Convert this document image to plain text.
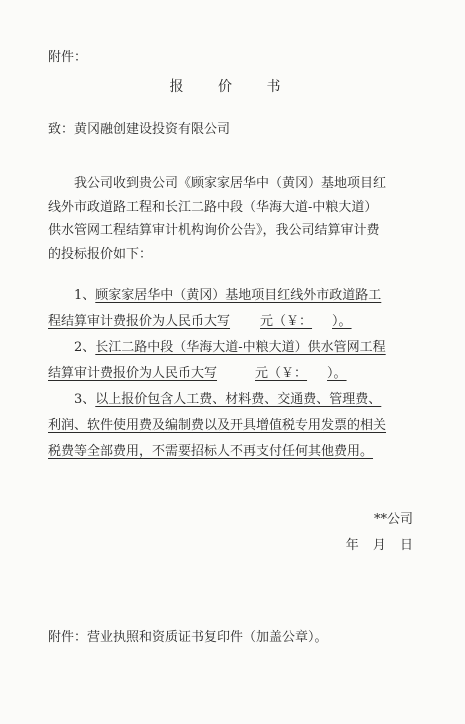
附件：
报 价 书
致：黄冈融创建设投资有限公司
　　我公司收到贵公司《顾家家居华中（黄冈）基地项目红
线外市政道路工程和长江二路中段（华海大道-中粮大道）
供水管网工程结算审计机构询价公告》，我公司结算审计费
的投标报价如下：
　　1、顾家家居华中（黄冈）基地项目红线外市政道路工
程结算审计费报价为人民币大写 元（￥： ）。
　　2、长江二路中段（华海大道-中粮大道）供水管网工程
结算审计费报价为人民币大写	元（￥： ）。
　　3、以上报价包含人工费、材料费、交通费、管理费、
利润、软件使用费及编制费以及开具增值税专用发票的相关
税费等全部费用，不需要招标人不再支付任何其他费用。
**公司
年 月 日
附件：营业执照和资质证书复印件（加盖公章）。
